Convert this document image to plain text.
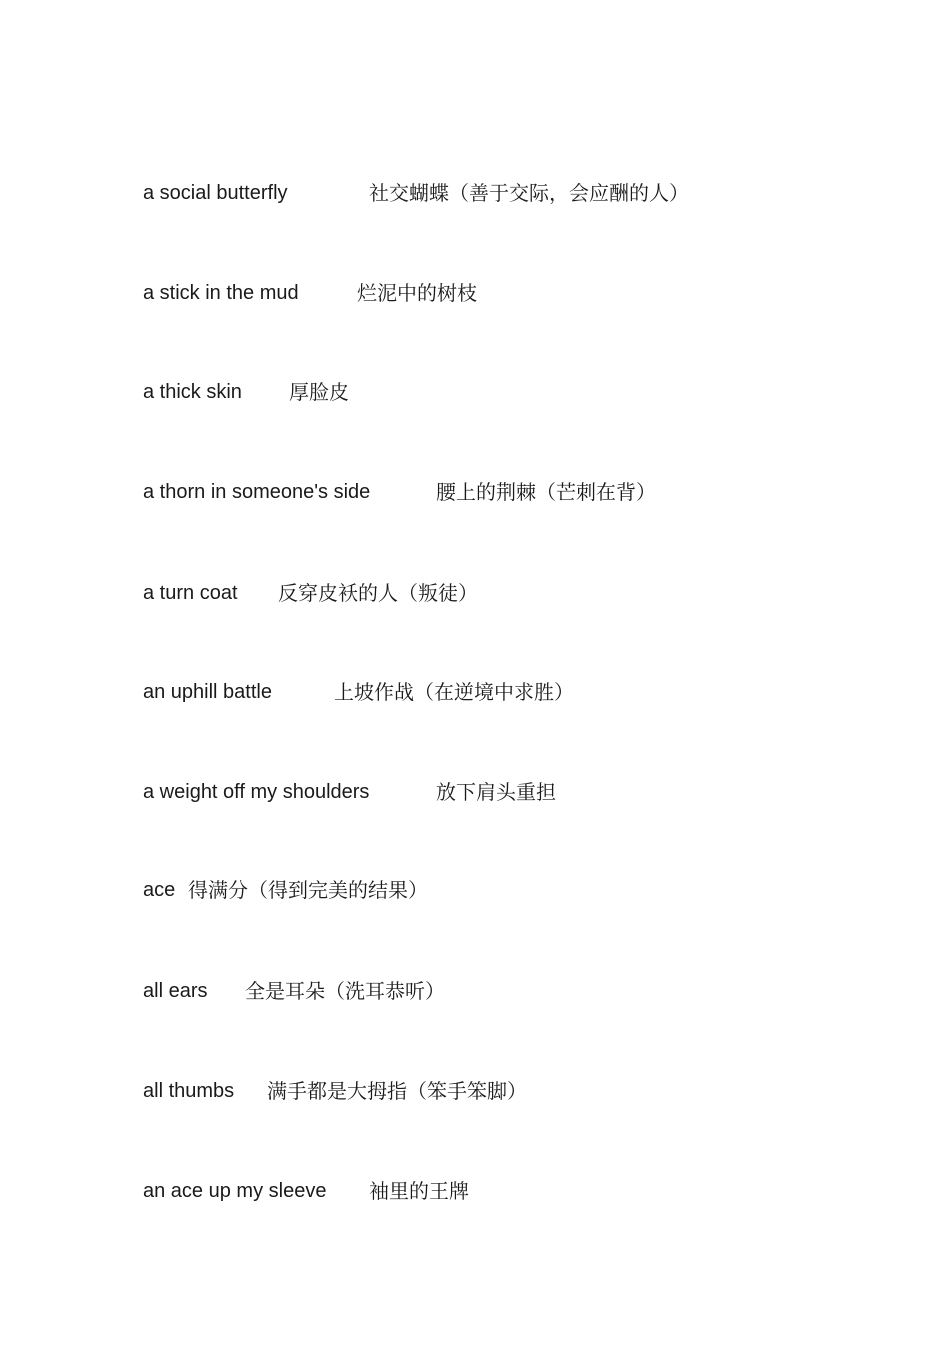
a social butterfly	社交蝴蝶（善于交际，会应酬的人）
a stick in the mud	烂泥中的树枝
a thick skin 厚脸皮
a thorn in someone's side	腰上的荆棘（芒刺在背）
a turn coat 反穿皮袄的人（叛徒）
an uphill battle	上坡作战（在逆境中求胜）
a weight off my shoulders	放下肩头重担
ace 得满分（得到完美的结果）
all ears 全是耳朵（洗耳恭听）
all thumbs 满手都是大拇指（笨手笨脚）
an ace up my sleeve 袖里的王牌
